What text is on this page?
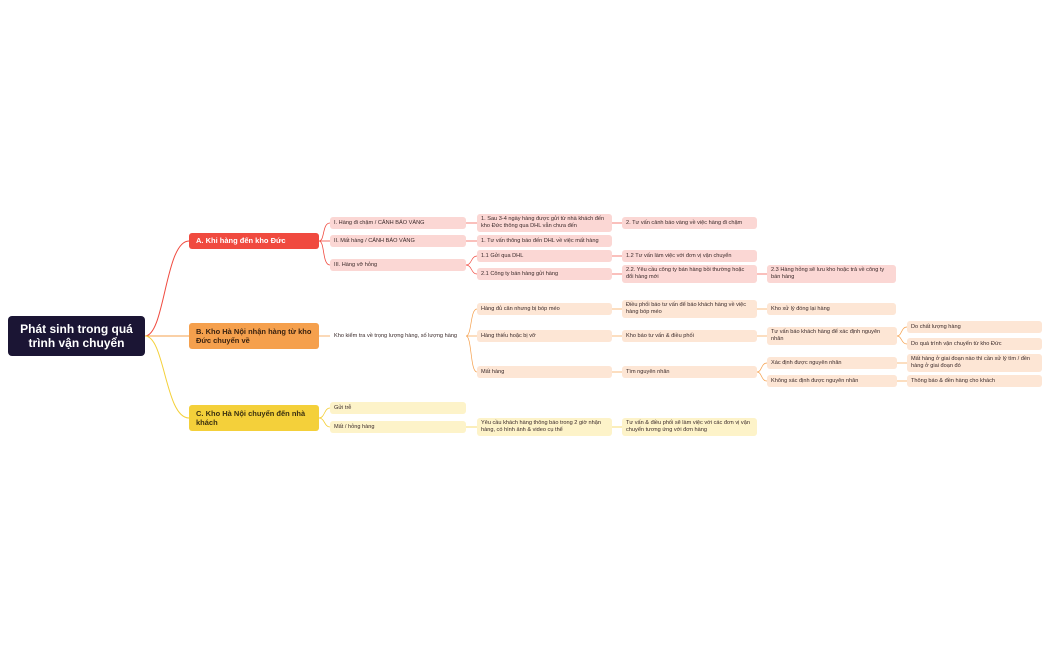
Phát sinh trong quá trình vận chuyển
A. Khi hàng đến kho Đức
I. Hàng đi chậm / CẢNH BÁO VÀNG
1. Sau 3-4 ngày hàng được gửi từ nhà khách đến kho Đức thông qua DHL vẫn chưa đến
2. Tư vấn cảnh báo vàng về việc hàng đi chậm
II. Mất hàng / CẢNH BÁO VÀNG	1. Tư vấn thông báo đến DHL về việc mất hàng
III. Hàng vỡ hỏng
1.1 Gửi qua DHL	1.2 Tư vấn làm việc với đơn vị vận chuyển
2.1 Công ty bán hàng gửi hàng
2.2. Yêu cầu công ty bán hàng bồi thường hoặc đổi hàng mới
2.3 Hàng hỏng sẽ lưu kho hoặc trả về công ty bán hàng
B. Kho Hà Nội nhận hàng từ kho Đức chuyển về
Kho kiểm tra về trọng lượng hàng, số lượng hàng
Hàng đủ cân nhưng bị bóp méo
Điều phối báo tư vấn để báo khách hàng về việc hàng bóp méo
Kho xử lý đóng lại hàng
Hàng thiếu hoặc bị vỡ	Kho báo tư vấn & điều phối
Tư vấn báo khách hàng để xác định nguyên nhân
Do chất lượng hàng
Do quá trình vận chuyển từ kho Đức
Mất hàng	Tìm nguyên nhân
Xác định được nguyên nhân
Mất hàng ở giai đoạn nào thì cần xử lý tìm / đền hàng ở giai đoạn đó
Không xác định được nguyên nhân	Thông báo & đền hàng cho khách
C. Kho Hà Nội chuyển đến nhà khách
Gửi trễ
Mất / hỏng hàng
Yêu cầu khách hàng thông báo trong 2 giờ nhận hàng, có hình ảnh & video cụ thể
Tư vấn & điều phối sẽ làm việc với các đơn vị vận chuyển tương ứng với đơn hàng
